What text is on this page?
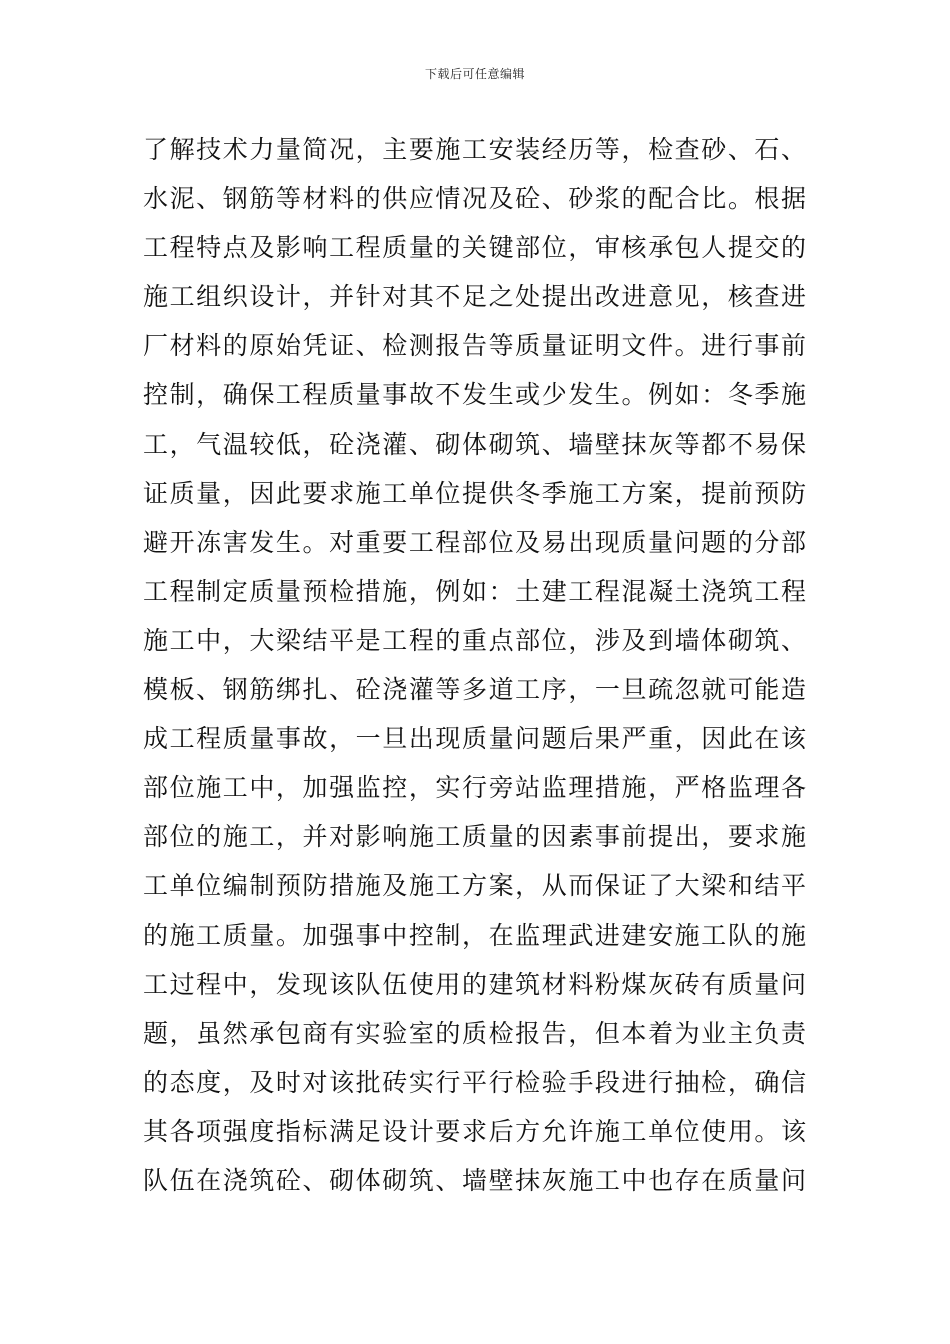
下载后可任意编辑
了解技术力量简况，主要施工安装经历等，检查砂、石、
水泥、钢筋等材料的供应情况及砼、砂浆的配合比。根据
工程特点及影响工程质量的关键部位，审核承包人提交的
施工组织设计，并针对其不足之处提出改进意见，核查进
厂材料的原始凭证、检测报告等质量证明文件。进行事前
控制，确保工程质量事故不发生或少发生。例如：冬季施
工，气温较低，砼浇灌、砌体砌筑、墙壁抹灰等都不易保
证质量，因此要求施工单位提供冬季施工方案，提前预防
避开冻害发生。对重要工程部位及易出现质量问题的分部
工程制定质量预检措施，例如：土建工程混凝土浇筑工程
施工中，大梁结平是工程的重点部位，涉及到墙体砌筑、
模板、钢筋绑扎、砼浇灌等多道工序，一旦疏忽就可能造
成工程质量事故，一旦出现质量问题后果严重，因此在该
部位施工中，加强监控，实行旁站监理措施，严格监理各
部位的施工，并对影响施工质量的因素事前提出，要求施
工单位编制预防措施及施工方案，从而保证了大梁和结平
的施工质量。加强事中控制，在监理武进建安施工队的施
工过程中，发现该队伍使用的建筑材料粉煤灰砖有质量问
题，虽然承包商有实验室的质检报告，但本着为业主负责
的态度，及时对该批砖实行平行检验手段进行抽检，确信
其各项强度指标满足设计要求后方允许施工单位使用。该
队伍在浇筑砼、砌体砌筑、墙壁抹灰施工中也存在质量问
